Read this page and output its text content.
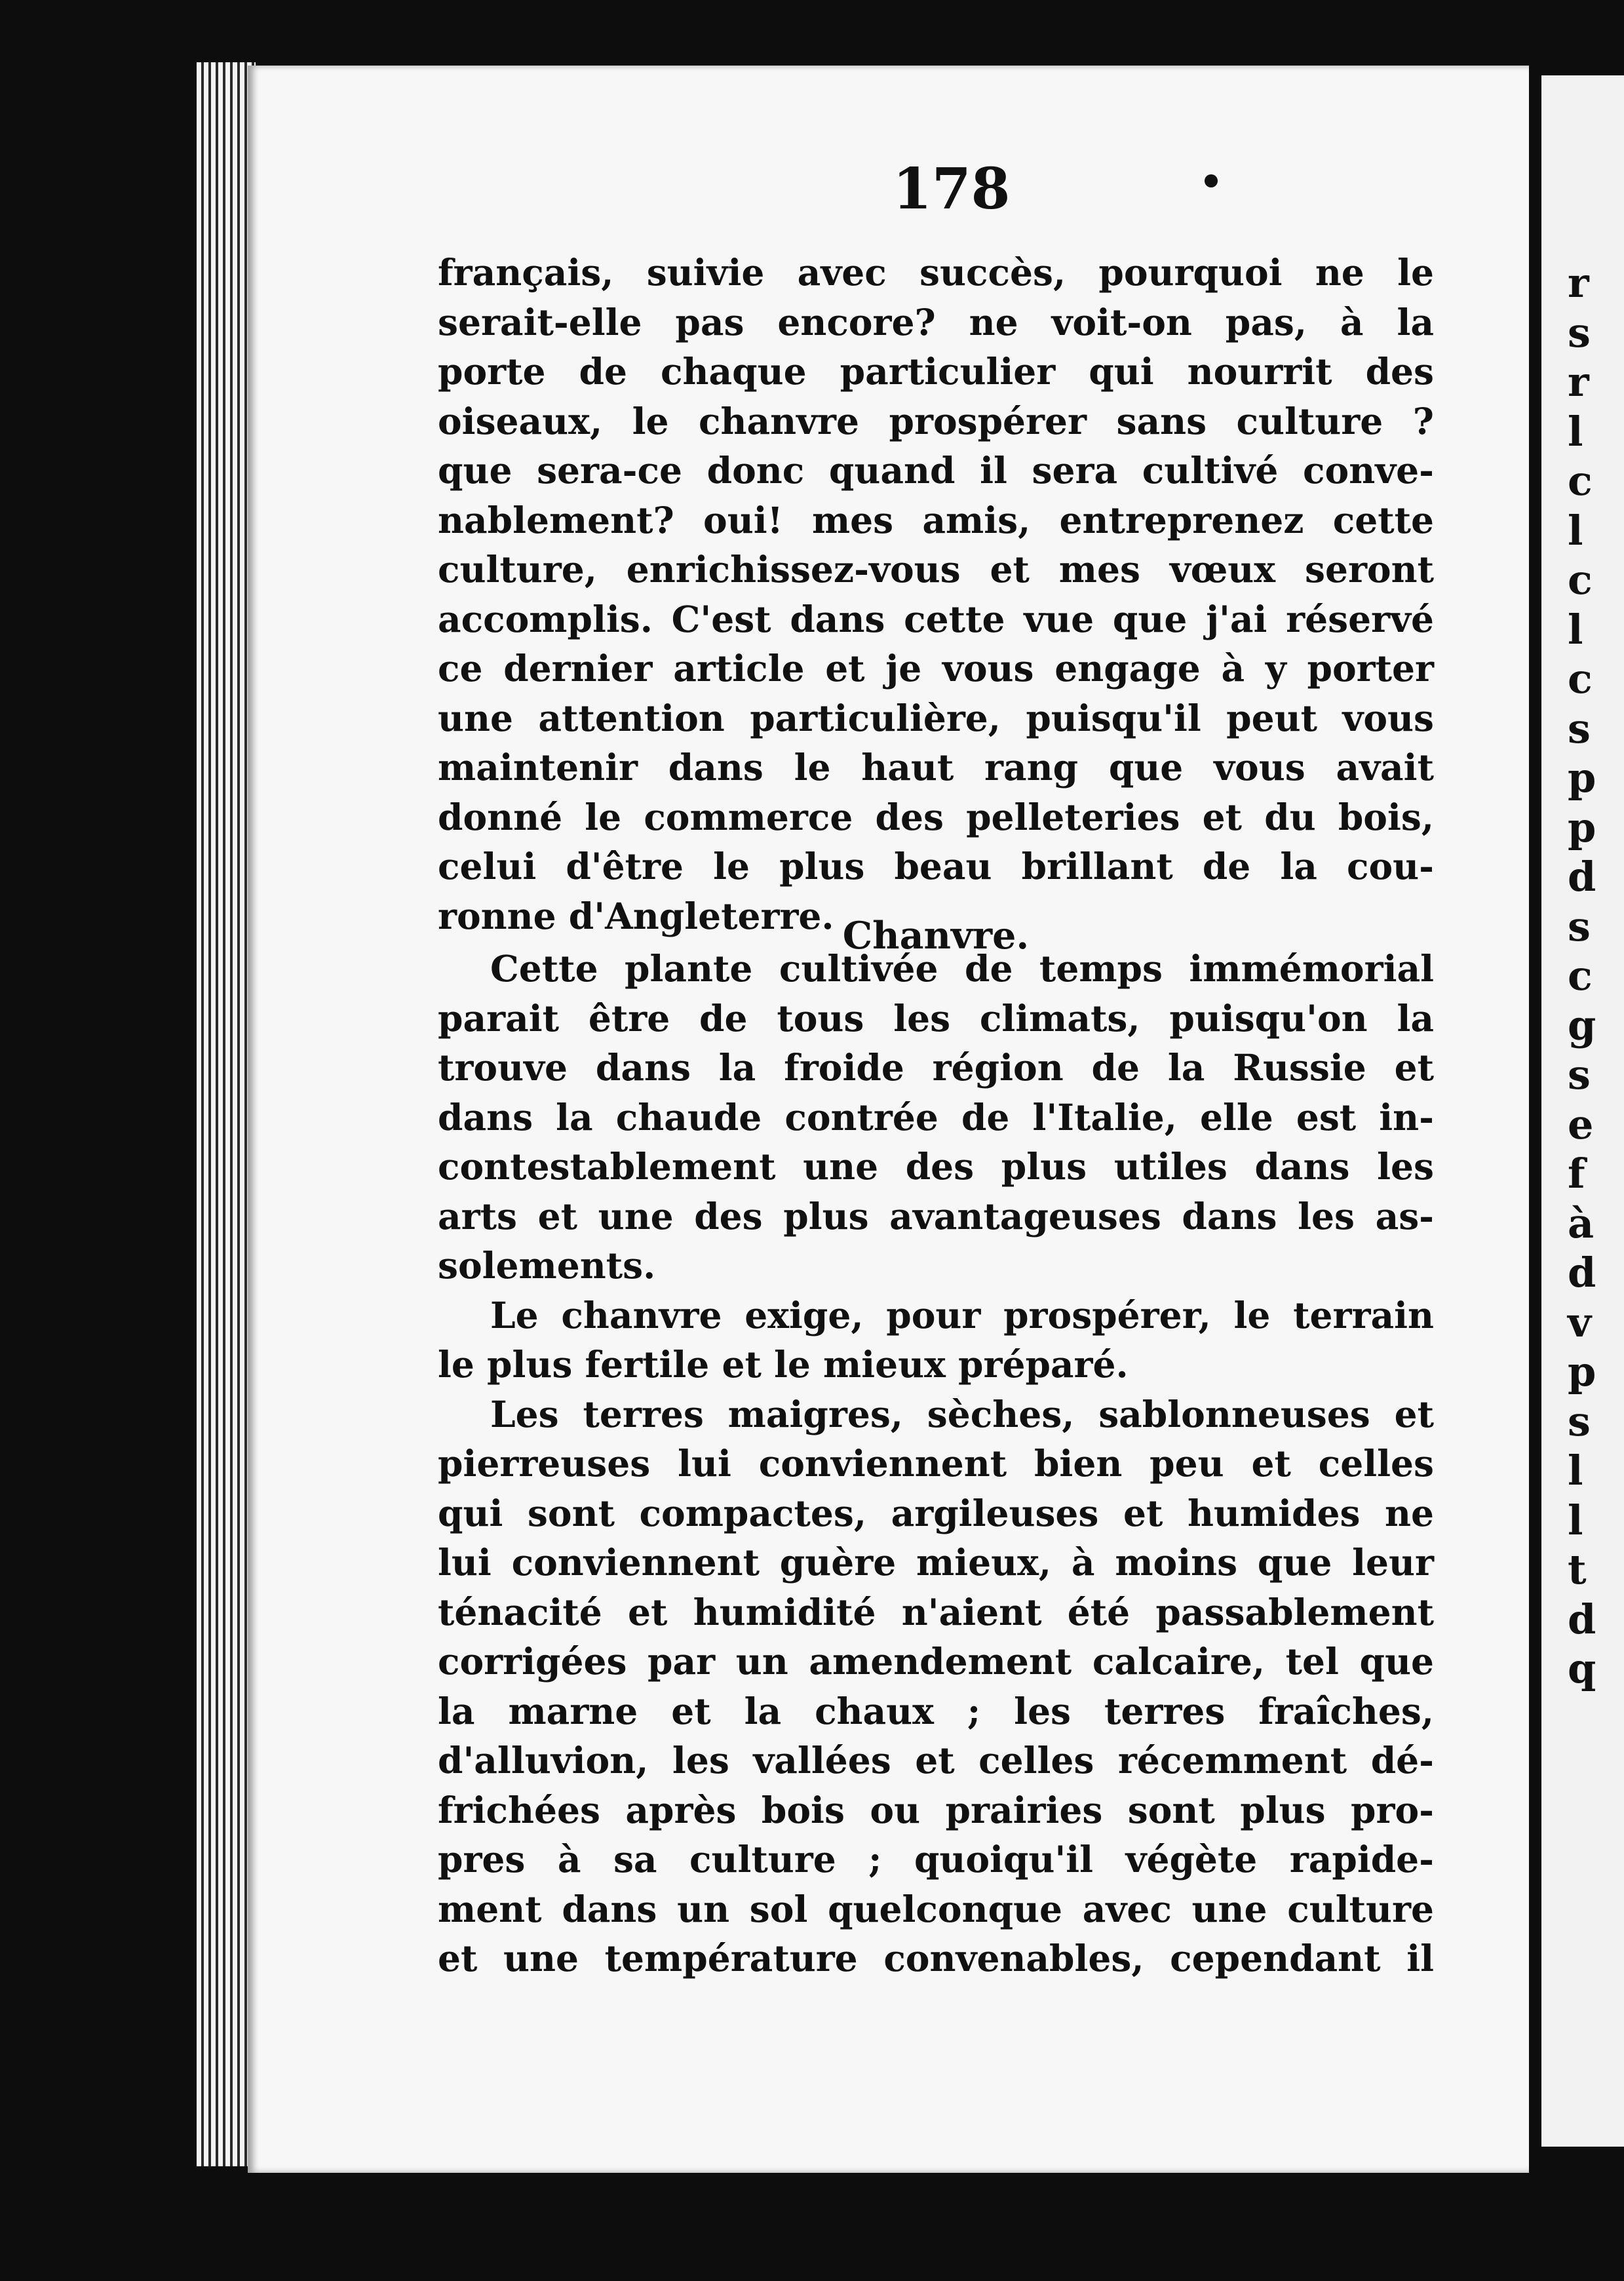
r
s
r
l
c
l
c
l
c
s
p
p
d
s
c
g
s
e
f
à
d
v
p
s
l
l
t
d
q
178
français, suivie avec succès, pourquoi ne le
serait-elle pas encore? ne voit-on pas, à la
porte de chaque particulier qui nourrit des
oiseaux, le chanvre prospérer sans culture ?
que sera-ce donc quand il sera cultivé conve-
nablement? oui! mes amis, entreprenez cette
culture, enrichissez-vous et mes vœux seront
accomplis. C'est dans cette vue que j'ai réservé
ce dernier article et je vous engage à y porter
une attention particulière, puisqu'il peut vous
maintenir dans le haut rang que vous avait
donné le commerce des pelleteries et du bois,
celui d'être le plus beau brillant de la cou-
ronne d'Angleterre. Chanvre.
Cette plante cultivée de temps immémorial
parait être de tous les climats, puisqu'on la
trouve dans la froide région de la Russie et
dans la chaude contrée de l'Italie, elle est in-
contestablement une des plus utiles dans les
arts et une des plus avantageuses dans les as-
solements.
Le chanvre exige, pour prospérer, le terrain
le plus fertile et le mieux préparé.
Les terres maigres, sèches, sablonneuses et
pierreuses lui conviennent bien peu et celles
qui sont compactes, argileuses et humides ne
lui conviennent guère mieux, à moins que leur
ténacité et humidité n'aient été passablement
corrigées par un amendement calcaire, tel que
la marne et la chaux ; les terres fraîches,
d'alluvion, les vallées et celles récemment dé-
frichées après bois ou prairies sont plus pro-
pres à sa culture ; quoiqu'il végète rapide-
ment dans un sol quelconque avec une culture
et une température convenables, cependant il
